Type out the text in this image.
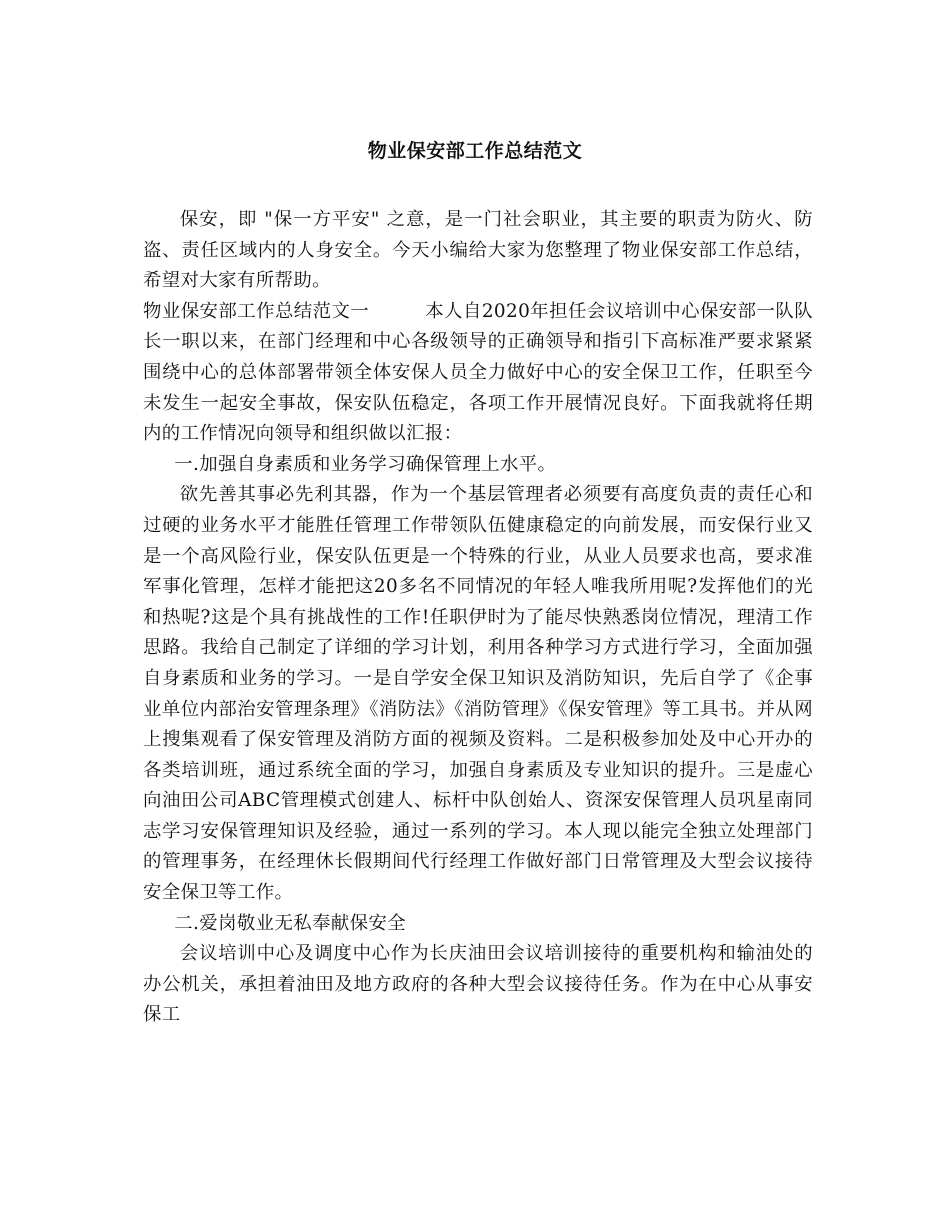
物业保安部工作总结范文

保安，即 "保一方平安" 之意，是一门社会职业，其主要的职责为防火、防盗、责任区域内的人身安全。今天小编给大家为您整理了物业保安部工作总结，希望对大家有所帮助。

物业保安部工作总结范文一	本人自2020年担任会议培训中心保安部一队队长一职以来，在部门经理和中心各级领导的正确领导和指引下高标准严要求紧紧围绕中心的总体部署带领全体安保人员全力做好中心的安全保卫工作，任职至今未发生一起安全事故，保安队伍稳定，各项工作开展情况良好。下面我就将任期内的工作情况向领导和组织做以汇报：

一.加强自身素质和业务学习确保管理上水平。

欲先善其事必先利其器，作为一个基层管理者必须要有高度负责的责任心和过硬的业务水平才能胜任管理工作带领队伍健康稳定的向前发展，而安保行业又是一个高风险行业，保安队伍更是一个特殊的行业，从业人员要求也高，要求准军事化管理，怎样才能把这20多名不同情况的年轻人唯我所用呢?发挥他们的光和热呢?这是个具有挑战性的工作!任职伊时为了能尽快熟悉岗位情况，理清工作思路。我给自己制定了详细的学习计划，利用各种学习方式进行学习，全面加强自身素质和业务的学习。一是自学安全保卫知识及消防知识，先后自学了《企事业单位内部治安管理条理》《消防法》《消防管理》《保安管理》等工具书。并从网上搜集观看了保安管理及消防方面的视频及资料。二是积极参加处及中心开办的各类培训班，通过系统全面的学习，加强自身素质及专业知识的提升。三是虚心向油田公司ABC管理模式创建人、标杆中队创始人、资深安保管理人员巩星南同志学习安保管理知识及经验，通过一系列的学习。本人现以能完全独立处理部门的管理事务，在经理休长假期间代行经理工作做好部门日常管理及大型会议接待安全保卫等工作。

二.爱岗敬业无私奉献保安全

会议培训中心及调度中心作为长庆油田会议培训接待的重要机构和输油处的办公机关，承担着油田及地方政府的各种大型会议接待任务。作为在中心从事安保工
